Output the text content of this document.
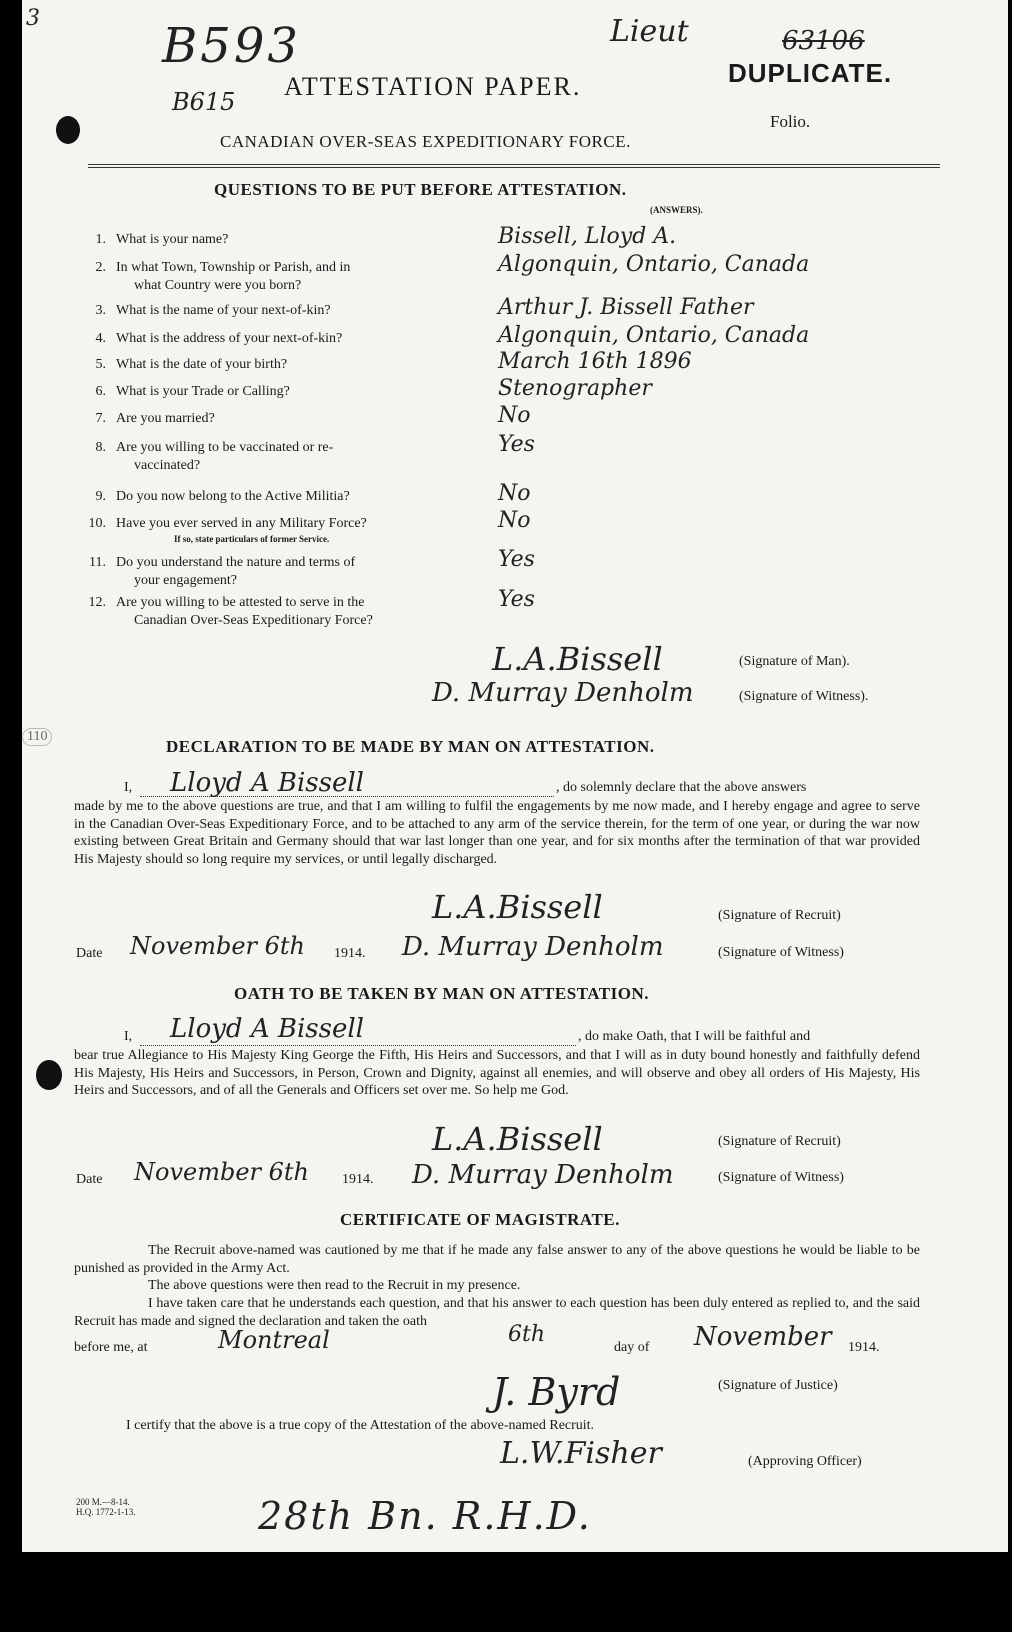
3	B593
B615
Lieut	63106
DUPLICATE.
ATTESTATION PAPER.
Folio.
CANADIAN OVER-SEAS EXPEDITIONARY FORCE.
QUESTIONS TO BE PUT BEFORE ATTESTATION.
(ANSWERS).
1. What is your name?	Bissell, Lloyd A.
2. In what Town, Township or Parish, and in
what Country were you born?
Algonquin, Ontario, Canada
3. What is the name of your next-of-kin?	Arthur J. Bissell Father
4. What is the address of your next-of-kin?	Algonquin, Ontario, Canada
5. What is the date of your birth?	March 16th 1896
6. What is your Trade or Calling?	Stenographer
7. Are you married?	No
8. Are you willing to be vaccinated or re-
vaccinated?
Yes
9. Do you now belong to the Active Militia?	No
10. Have you ever served in any Military Force?
If so, state particulars of former Service.
No
11. Do you understand the nature and terms of
your engagement?
Yes
12. Are you willing to be attested to serve in the
Canadian Over-Seas Expeditionary Force?
Yes
L.A.Bissell	(Signature of Man).
D. Murray Denholm	(Signature of Witness).
110
DECLARATION TO BE MADE BY MAN ON ATTESTATION.
I, Lloyd A Bissell	, do solemnly declare that the above answers
made by me to the above questions are true, and that I am willing to fulfil the engagements by me now made, and I hereby engage and agree to serve in the Canadian Over-Seas Expeditionary Force, and to be attached to any arm of the service therein, for the term of one year, or during the war now existing between Great Britain and Germany should that war last longer than one year, and for six months after the termination of that war provided His Majesty should so long require my services, or until legally discharged.
L.A.Bissell	(Signature of Recruit)
Date November 6th 1914. D. Murray Denholm	(Signature of Witness)
OATH TO BE TAKEN BY MAN ON ATTESTATION.
I, Lloyd A Bissell	, do make Oath, that I will be faithful and
bear true Allegiance to His Majesty King George the Fifth, His Heirs and Successors, and that I will as in duty bound honestly and faithfully defend His Majesty, His Heirs and Successors, in Person, Crown and Dignity, against all enemies, and will observe and obey all orders of His Majesty, His Heirs and Successors, and of all the Generals and Officers set over me. So help me God.
L.A.Bissell	(Signature of Recruit)
Date November 6th 1914. D. Murray Denholm	(Signature of Witness)
CERTIFICATE OF MAGISTRATE.
The Recruit above-named was cautioned by me that if he made any false answer to any of the above questions he would be liable to be punished as provided in the Army Act.
The above questions were then read to the Recruit in my presence.
I have taken care that he understands each question, and that his answer to each question has been duly entered as replied to, and the said Recruit has made and signed the declaration and taken the oath
before me, at	Montreal	6th
day of November 1914.
J. Byrd	(Signature of Justice)
I certify that the above is a true copy of the Attestation of the above-named Recruit.
L.W.Fisher	(Approving Officer)
200 M.—8-14.
H.Q. 1772-1-13.	28th Bn. R.H.D.
